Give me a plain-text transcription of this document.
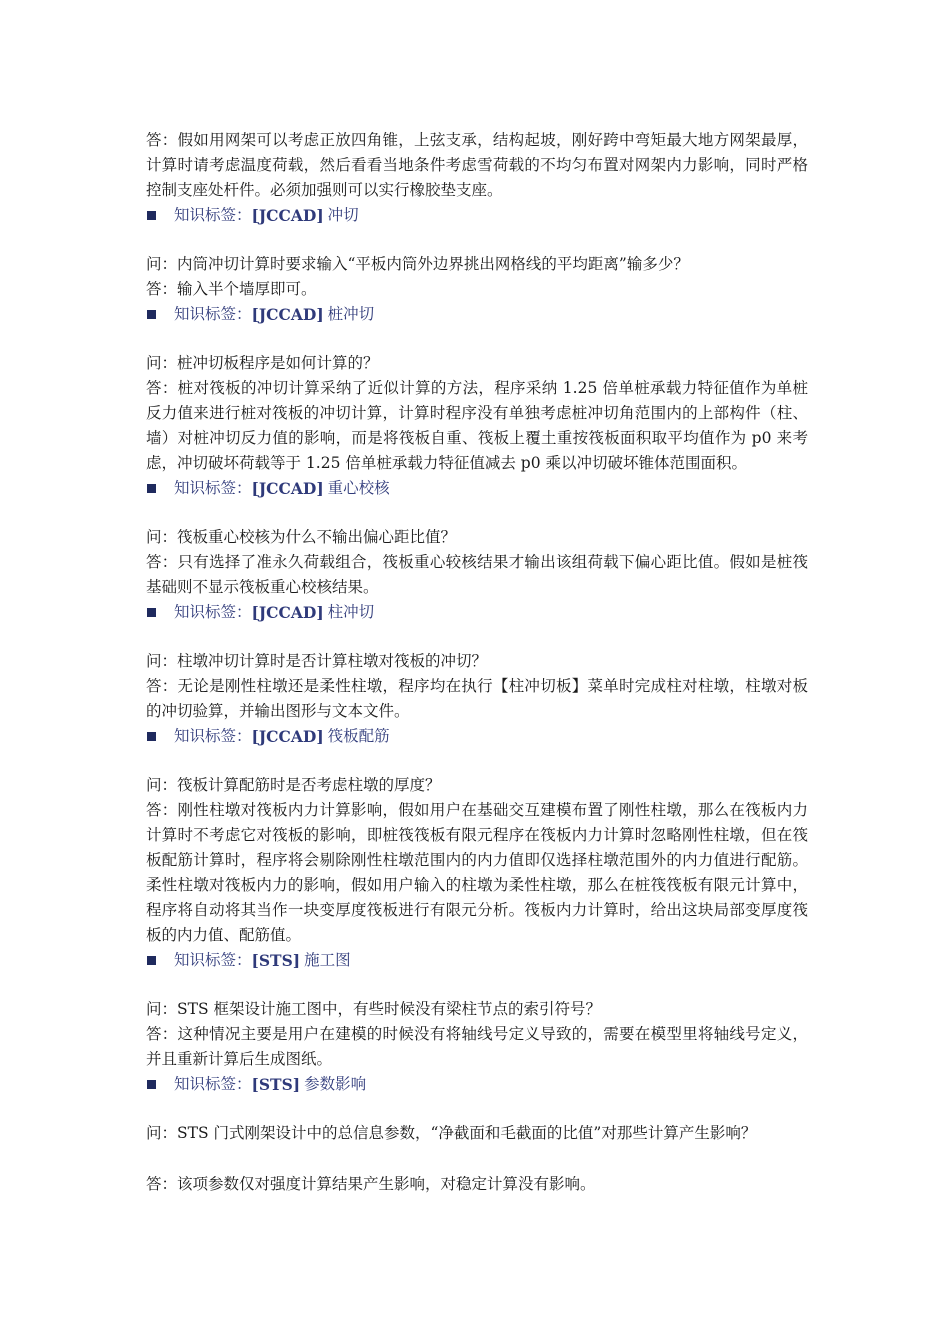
答：假如用网架可以考虑正放四角锥，上弦支承，结构起坡，刚好跨中弯矩最大地方网架最厚，计算时请考虑温度荷载，然后看看当地条件考虑雪荷载的不均匀布置对网架内力影响，同时严格控制支座处杆件。必须加强则可以实行橡胶垫支座。

知识标签： [JCCAD] 冲切

问：内筒冲切计算时要求输入“平板内筒外边界挑出网格线的平均距离”输多少？

答：输入半个墙厚即可。

知识标签： [JCCAD] 桩冲切

问：桩冲切板程序是如何计算的？

答：桩对筏板的冲切计算采纳了近似计算的方法，程序采纳 1.25 倍单桩承载力特征值作为单桩反力值来进行桩对筏板的冲切计算，计算时程序没有单独考虑桩冲切角范围内的上部构件（柱、墙）对桩冲切反力值的影响，而是将筏板自重、筏板上覆土重按筏板面积取平均值作为 p0 来考虑，冲切破坏荷载等于 1.25 倍单桩承载力特征值减去 p0 乘以冲切破坏锥体范围面积。

知识标签： [JCCAD] 重心校核

问：筏板重心校核为什么不输出偏心距比值？

答：只有选择了准永久荷载组合，筏板重心较核结果才输出该组荷载下偏心距比值。假如是桩筏基础则不显示筏板重心校核结果。

知识标签： [JCCAD] 柱冲切

问：柱墩冲切计算时是否计算柱墩对筏板的冲切？

答：无论是刚性柱墩还是柔性柱墩，程序均在执行【柱冲切板】菜单时完成柱对柱墩，柱墩对板的冲切验算，并输出图形与文本文件。

知识标签： [JCCAD] 筏板配筋

问：筏板计算配筋时是否考虑柱墩的厚度？

答：刚性柱墩对筏板内力计算影响，假如用户在基础交互建模布置了刚性柱墩，那么在筏板内力计算时不考虑它对筏板的影响，即桩筏筏板有限元程序在筏板内力计算时忽略刚性柱墩，但在筏板配筋计算时，程序将会剔除刚性柱墩范围内的内力值即仅选择柱墩范围外的内力值进行配筋。柔性柱墩对筏板内力的影响，假如用户输入的柱墩为柔性柱墩，那么在桩筏筏板有限元计算中，程序将自动将其当作一块变厚度筏板进行有限元分析。筏板内力计算时，给出这块局部变厚度筏板的内力值、配筋值。

知识标签： [STS] 施工图

问：STS 框架设计施工图中，有些时候没有梁柱节点的索引符号？

答：这种情况主要是用户在建模的时候没有将轴线号定义导致的，需要在模型里将轴线号定义，并且重新计算后生成图纸。

知识标签： [STS] 参数影响

问：STS 门式刚架设计中的总信息参数，“净截面和毛截面的比值”对那些计算产生影响？

答：该项参数仅对强度计算结果产生影响，对稳定计算没有影响。
